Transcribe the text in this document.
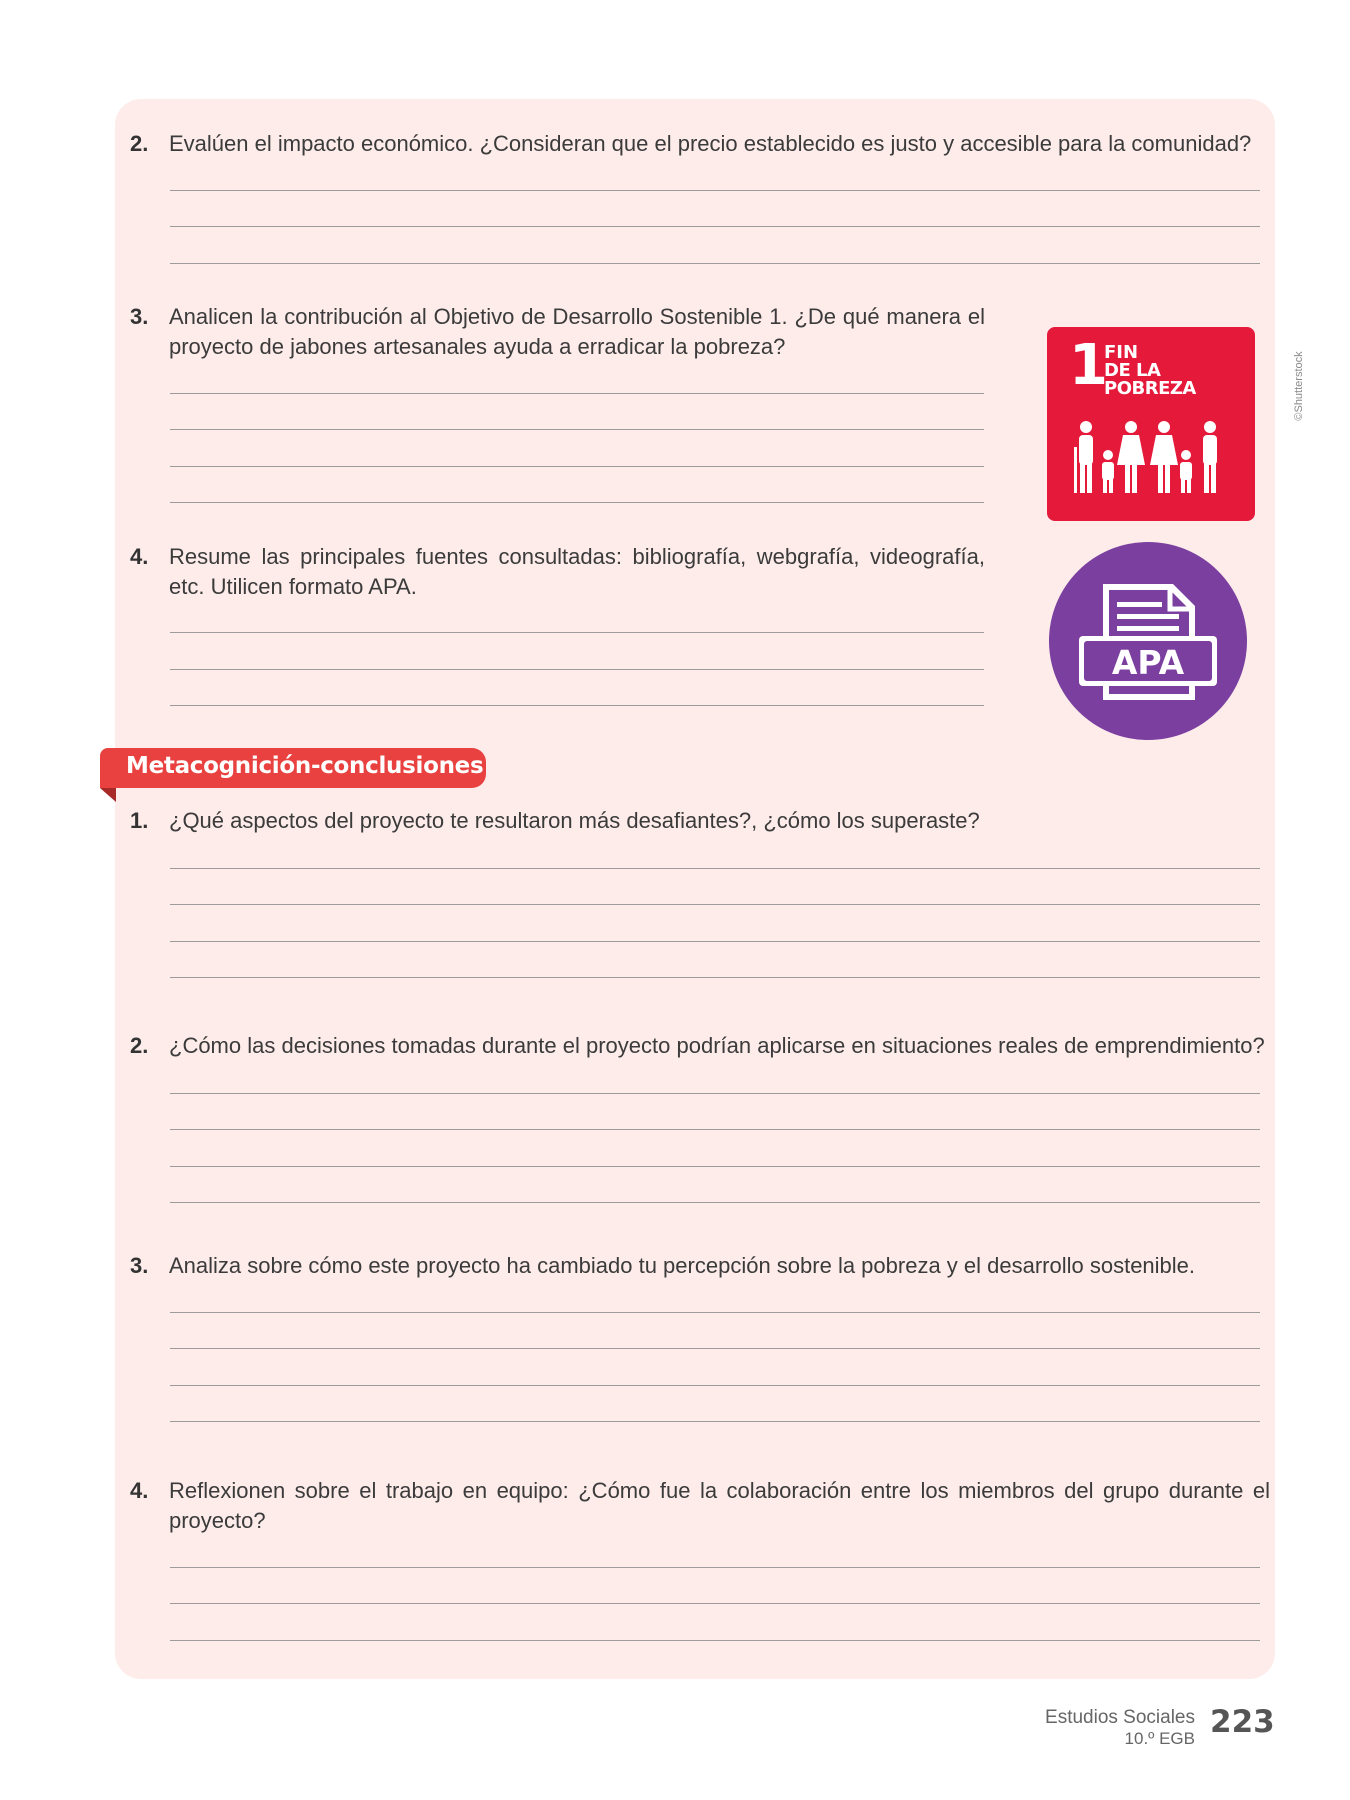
2. Evalúen el impacto económico. ¿Consideran que el precio establecido es justo y accesible para la comunidad?
3. Analicen la contribución al Objetivo de Desarrollo Sostenible 1. ¿De qué manera el proyecto de jabones artesanales ayuda a erradicar la pobreza?
4. Resume las principales fuentes consultadas: bibliografía, webgrafía, videografía, etc. Utilicen formato APA.
1
FIN
DE LA POBREZA	©Shutterstock
APA
Metacognición-conclusiones
1. ¿Qué aspectos del proyecto te resultaron más desafiantes?, ¿cómo los superaste?
2. ¿Cómo las decisiones tomadas durante el proyecto podrían aplicarse en situaciones reales de emprendimiento?
3. Analiza sobre cómo este proyecto ha cambiado tu percepción sobre la pobreza y el desarrollo sostenible.
4. Reflexionen sobre el trabajo en equipo: ¿Cómo fue la colaboración entre los miembros del grupo durante el proyecto?
Estudios Sociales
10.º EGB 223
